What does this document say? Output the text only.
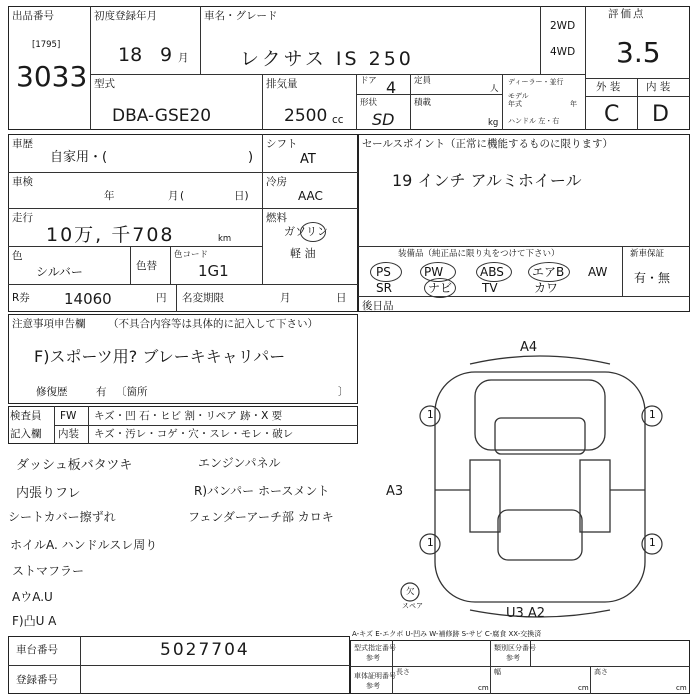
出品番号
[1795]
3033
初度登録年月
18 9 月
車名・グレード
レクサス IS 250
2WD
4WD
評価点
3.5
外 装 内 装
C D
型式
DBA-GSE20
排気量
2500 cc
ドア 4 定員
人
形状
SD
積載
kg
ディーラー・並行
モデル
年式	年
ハンドル 左・右
車歴
自家用・(	)
シフト
AT
車検
年	月 (	日)
冷房
AAC
走行
10万, 千708	km
燃料
ガソリン
軽 油
色
シルバー	色替
色コード
1G1
R券 14060	円 名変期限	月	日
セールスポイント（正常に機能するものに限ります）
19 インチ アルミホイール
装備品（純正品に限り丸をつけて下さい）	新車保証
有・無
PS	PW	ABS エアB AW
SR	ナビ TV	カワ
後日品
注意事項申告欄 （不具合内容等は具体的に記入して下さい）
F)スポーツ用? ブレーキキャリパー
修復歴	有 〔箇所	〕
検査員
記入欄
FW キズ・凹 石・ヒビ 割・リペア 跡・X 要
内装 キズ・汚レ・コゲ・穴・スレ・モレ・破レ
ダッシュ板バタツキ
内張りフレ
シートカバー擦ずれ
ホイルA. ハンドルスレ周り
ストマフラー
AウA.U
F)凸U A
エンジンパネル
R)バンパー ホースメント
フェンダーアーチ部 カロキ
A4
A3
U3 A2
1	1
1	1
欠
スペア
A-キズ E-エクボ U-凹み W-補修跡 S-サビ C-腐食 XX-交換済
車台番号	5027704
登録番号
型式指定番号
参考
類別区分番号
参考
車体証明番号
参考
長さ
cm
幅
cm
高さ
cm
